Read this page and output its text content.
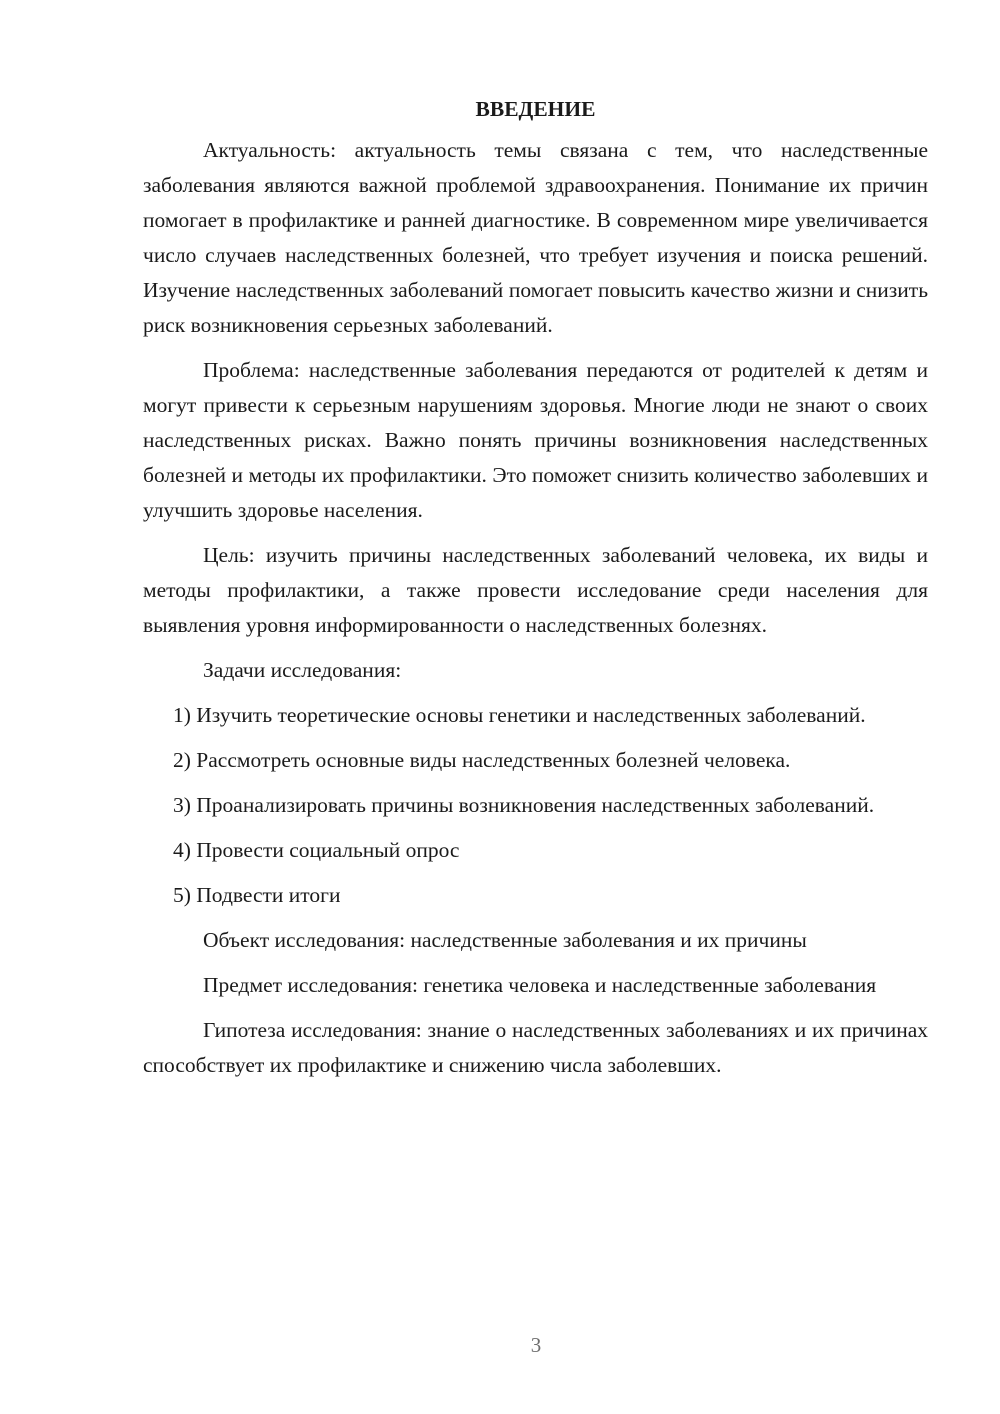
ВВЕДЕНИЕ

Актуальность: актуальность темы связана с тем, что наследственные заболевания являются важной проблемой здравоохранения. Понимание их причин помогает в профилактике и ранней диагностике. В современном мире увеличивается число случаев наследственных болезней, что требует изучения и поиска решений. Изучение наследственных заболеваний помогает повысить качество жизни и снизить риск возникновения серьезных заболеваний.

Проблема: наследственные заболевания передаются от родителей к детям и могут привести к серьезным нарушениям здоровья. Многие люди не знают о своих наследственных рисках. Важно понять причины возникновения наследственных болезней и методы их профилактики. Это поможет снизить количество заболевших и улучшить здоровье населения.

Цель: изучить причины наследственных заболеваний человека, их виды и методы профилактики, а также провести исследование среди населения для выявления уровня информированности о наследственных болезнях.

Задачи исследования:

1) Изучить теоретические основы генетики и наследственных заболеваний.

2) Рассмотреть основные виды наследственных болезней человека.

3) Проанализировать причины возникновения наследственных заболеваний.

4) Провести социальный опрос

5) Подвести итоги

Объект исследования: наследственные заболевания и их причины

Предмет исследования: генетика человека и наследственные заболевания

Гипотеза исследования: знание о наследственных заболеваниях и их причинах способствует их профилактике и снижению числа заболевших.

3
